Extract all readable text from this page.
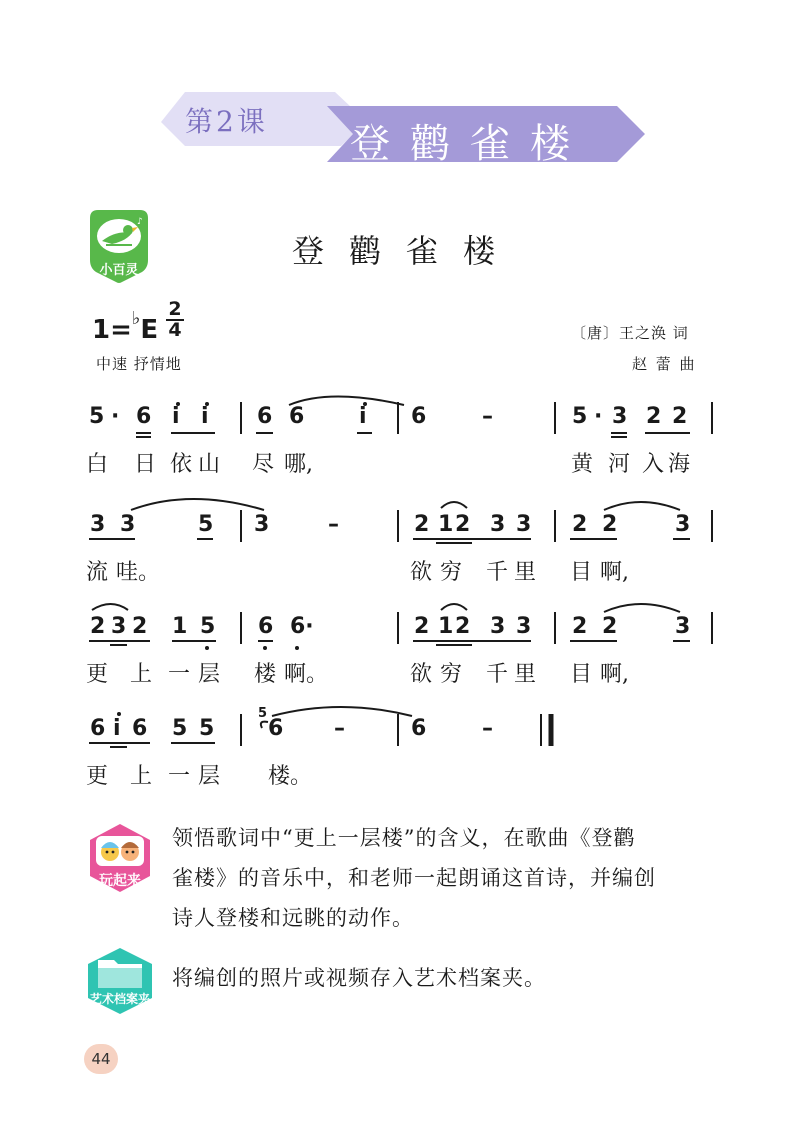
第2课 登鹳雀楼
♪
小百灵
登鹳雀楼
1=♭E
2
4
中速 抒情地
〔唐〕王之涣 词
赵 蕾 曲
5 · 6 i i 6 6 i 6	–	5 · 3 2 2
白 日 依 山 尽 哪,	黄 河 入 海
3 3	5 3	–	2 1 2 3 3 2 2	3
流 哇。	欲 穷 千 里 目 啊,
2 3 2 1 5 6 6·	2 1 2 3 3 2 2	3
更 上 一 层 楼 啊。	欲 穷 千 里 目 啊,
6 i 6 5 5
5
6 –	6	–
更 上 一 层 楼。
玩起来
领悟歌词中“更上一层楼”的含义，在歌曲《登鹳
雀楼》的音乐中，和老师一起朗诵这首诗，并编创
诗人登楼和远眺的动作。
艺术档案夹
将编创的照片或视频存入艺术档案夹。
44
